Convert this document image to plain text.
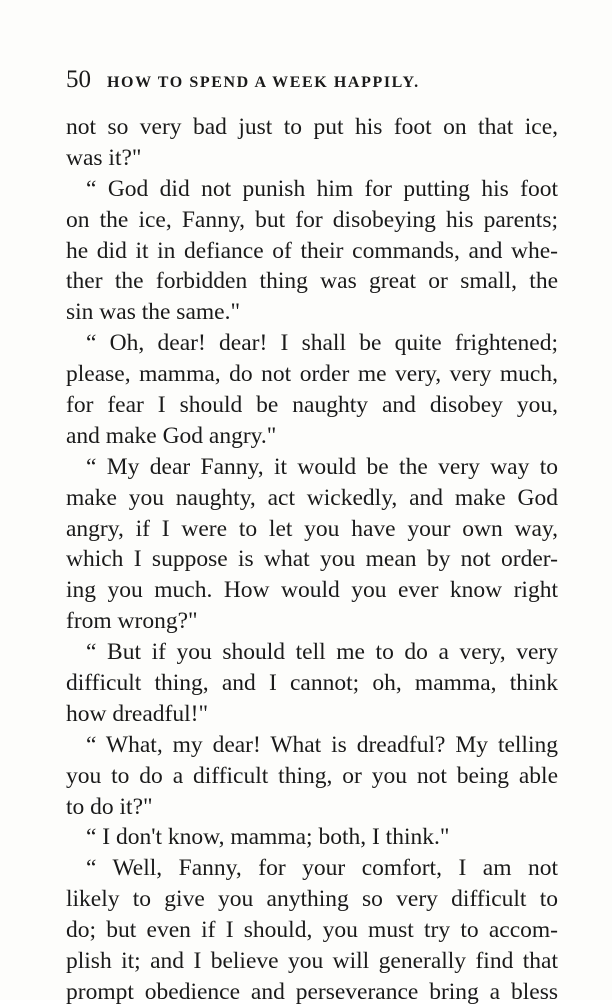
50 HOW TO SPEND A WEEK HAPPILY.
not so very bad just to put his foot on that ice,
was it?"
“ God did not punish him for putting his foot
on the ice, Fanny, but for disobeying his parents;
he did it in defiance of their commands, and whe-
ther the forbidden thing was great or small, the
sin was the same."
“ Oh, dear! dear! I shall be quite frightened;
please, mamma, do not order me very, very much,
for fear I should be naughty and disobey you,
and make God angry."
“ My dear Fanny, it would be the very way to
make you naughty, act wickedly, and make God
angry, if I were to let you have your own way,
which I suppose is what you mean by not order-
ing you much. How would you ever know right
from wrong?"
“ But if you should tell me to do a very, very
difficult thing, and I cannot; oh, mamma, think
how dreadful!"
“ What, my dear! What is dreadful? My telling
you to do a difficult thing, or you not being able
to do it?"
“ I don't know, mamma; both, I think."
“ Well, Fanny, for your comfort, I am not
likely to give you anything so very difficult to
do; but even if I should, you must try to accom-
plish it; and I believe you will generally find that
prompt obedience and perseverance bring a bless
